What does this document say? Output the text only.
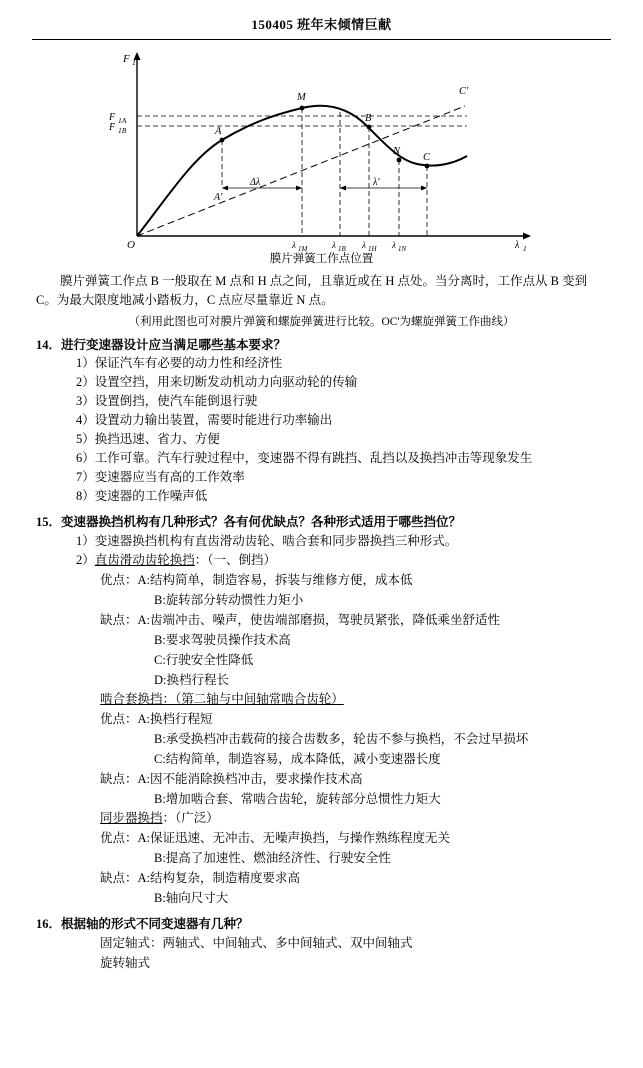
150405 班年末倾情巨献
F 1
F 1A
F 1B
O	λ 1
A
M
B
C'
N
C
A'
Δλ	λ'
λ 1M	λ 1B λ 1H λ 1N
膜片弹簧工作点位置
膜片弹簧工作点 B 一般取在 M 点和 H 点之间，且靠近或在 H 点处。当分离时，工作点从 B 变到 C。为最大限度地减小踏板力，C 点应尽量靠近 N 点。
（利用此图也可对膜片弹簧和螺旋弹簧进行比较。OC'为螺旋弹簧工作曲线）
14．进行变速器设计应当满足哪些基本要求？
1）保证汽车有必要的动力性和经济性
2）设置空挡，用来切断发动机动力向驱动轮的传输
3）设置倒挡，使汽车能倒退行驶
4）设置动力输出装置，需要时能进行功率输出
5）换挡迅速、省力、方便
6）工作可靠。汽车行驶过程中，变速器不得有跳挡、乱挡以及换挡冲击等现象发生
7）变速器应当有高的工作效率
8）变速器的工作噪声低
15．变速器换挡机构有几种形式？各有何优缺点？各种形式适用于哪些挡位？
1）变速器换挡机构有直齿滑动齿轮、啮合套和同步器换挡三种形式。
2）直齿滑动齿轮换挡：（一、倒挡）
优点：A:结构简单，制造容易，拆装与维修方便，成本低
B:旋转部分转动惯性力矩小
缺点：A:齿端冲击、噪声，使齿端部磨损，驾驶员紧张，降低乘坐舒适性
B:要求驾驶员操作技术高
C:行驶安全性降低
D:换档行程长
啮合套换挡：（第二轴与中间轴常啮合齿轮）
优点：A:换档行程短
B:承受换档冲击载荷的接合齿数多，轮齿不参与换档，不会过早损坏
C:结构简单，制造容易，成本降低，减小变速器长度
缺点：A:因不能消除换档冲击，要求操作技术高
B:增加啮合套、常啮合齿轮，旋转部分总惯性力矩大
同步器换挡：（广泛）
优点：A:保证迅速、无冲击、无噪声换挡，与操作熟练程度无关
B:提高了加速性、燃油经济性、行驶安全性
缺点：A:结构复杂，制造精度要求高
B:轴向尺寸大
16．根据轴的形式不同变速器有几种？
固定轴式：两轴式、中间轴式、多中间轴式、双中间轴式
旋转轴式
